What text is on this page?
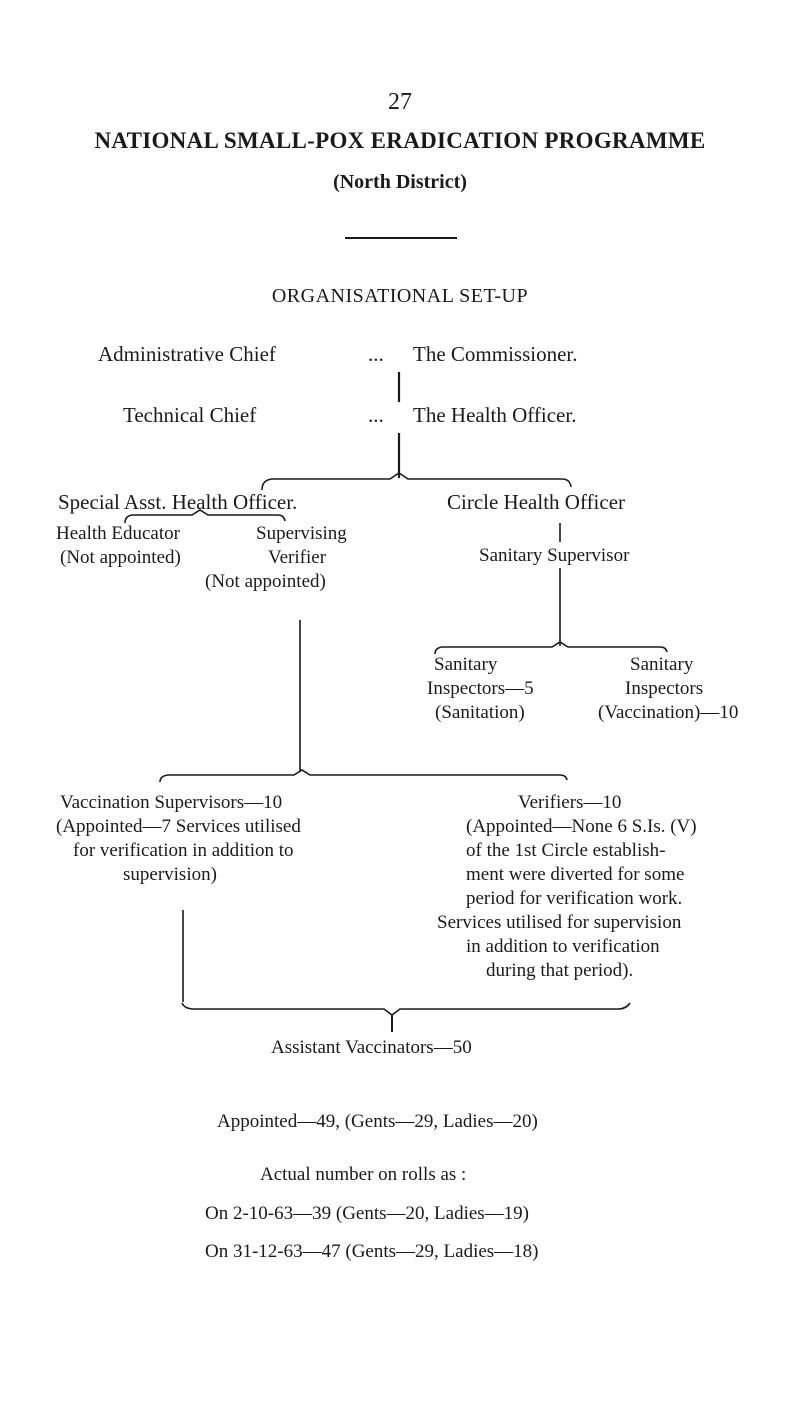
27
NATIONAL SMALL-POX ERADICATION PROGRAMME
(North District)
ORGANISATIONAL SET-UP
Administrative Chief	... The Commissioner.
Technical Chief	... The Health Officer.
Special Asst. Health Officer.	Circle Health Officer
Health Educator
(Not appointed)
Supervising
Verifier
(Not appointed)
Sanitary Supervisor
Sanitary
Inspectors—5
(Sanitation)
Sanitary
Inspectors
(Vaccination)—10
Vaccination Supervisors—10
(Appointed—7 Services utilised
for verification in addition to
supervision)
Verifiers—10
(Appointed—None 6 S.Is. (V)
of the 1st Circle establish-
ment were diverted for some
period for verification work.
Services utilised for supervision
in addition to verification
during that period).
Assistant Vaccinators—50
Appointed—49, (Gents—29, Ladies—20)
Actual number on rolls as :
On 2-10-63—39 (Gents—20, Ladies—19)
On 31-12-63—47 (Gents—29, Ladies—18)
